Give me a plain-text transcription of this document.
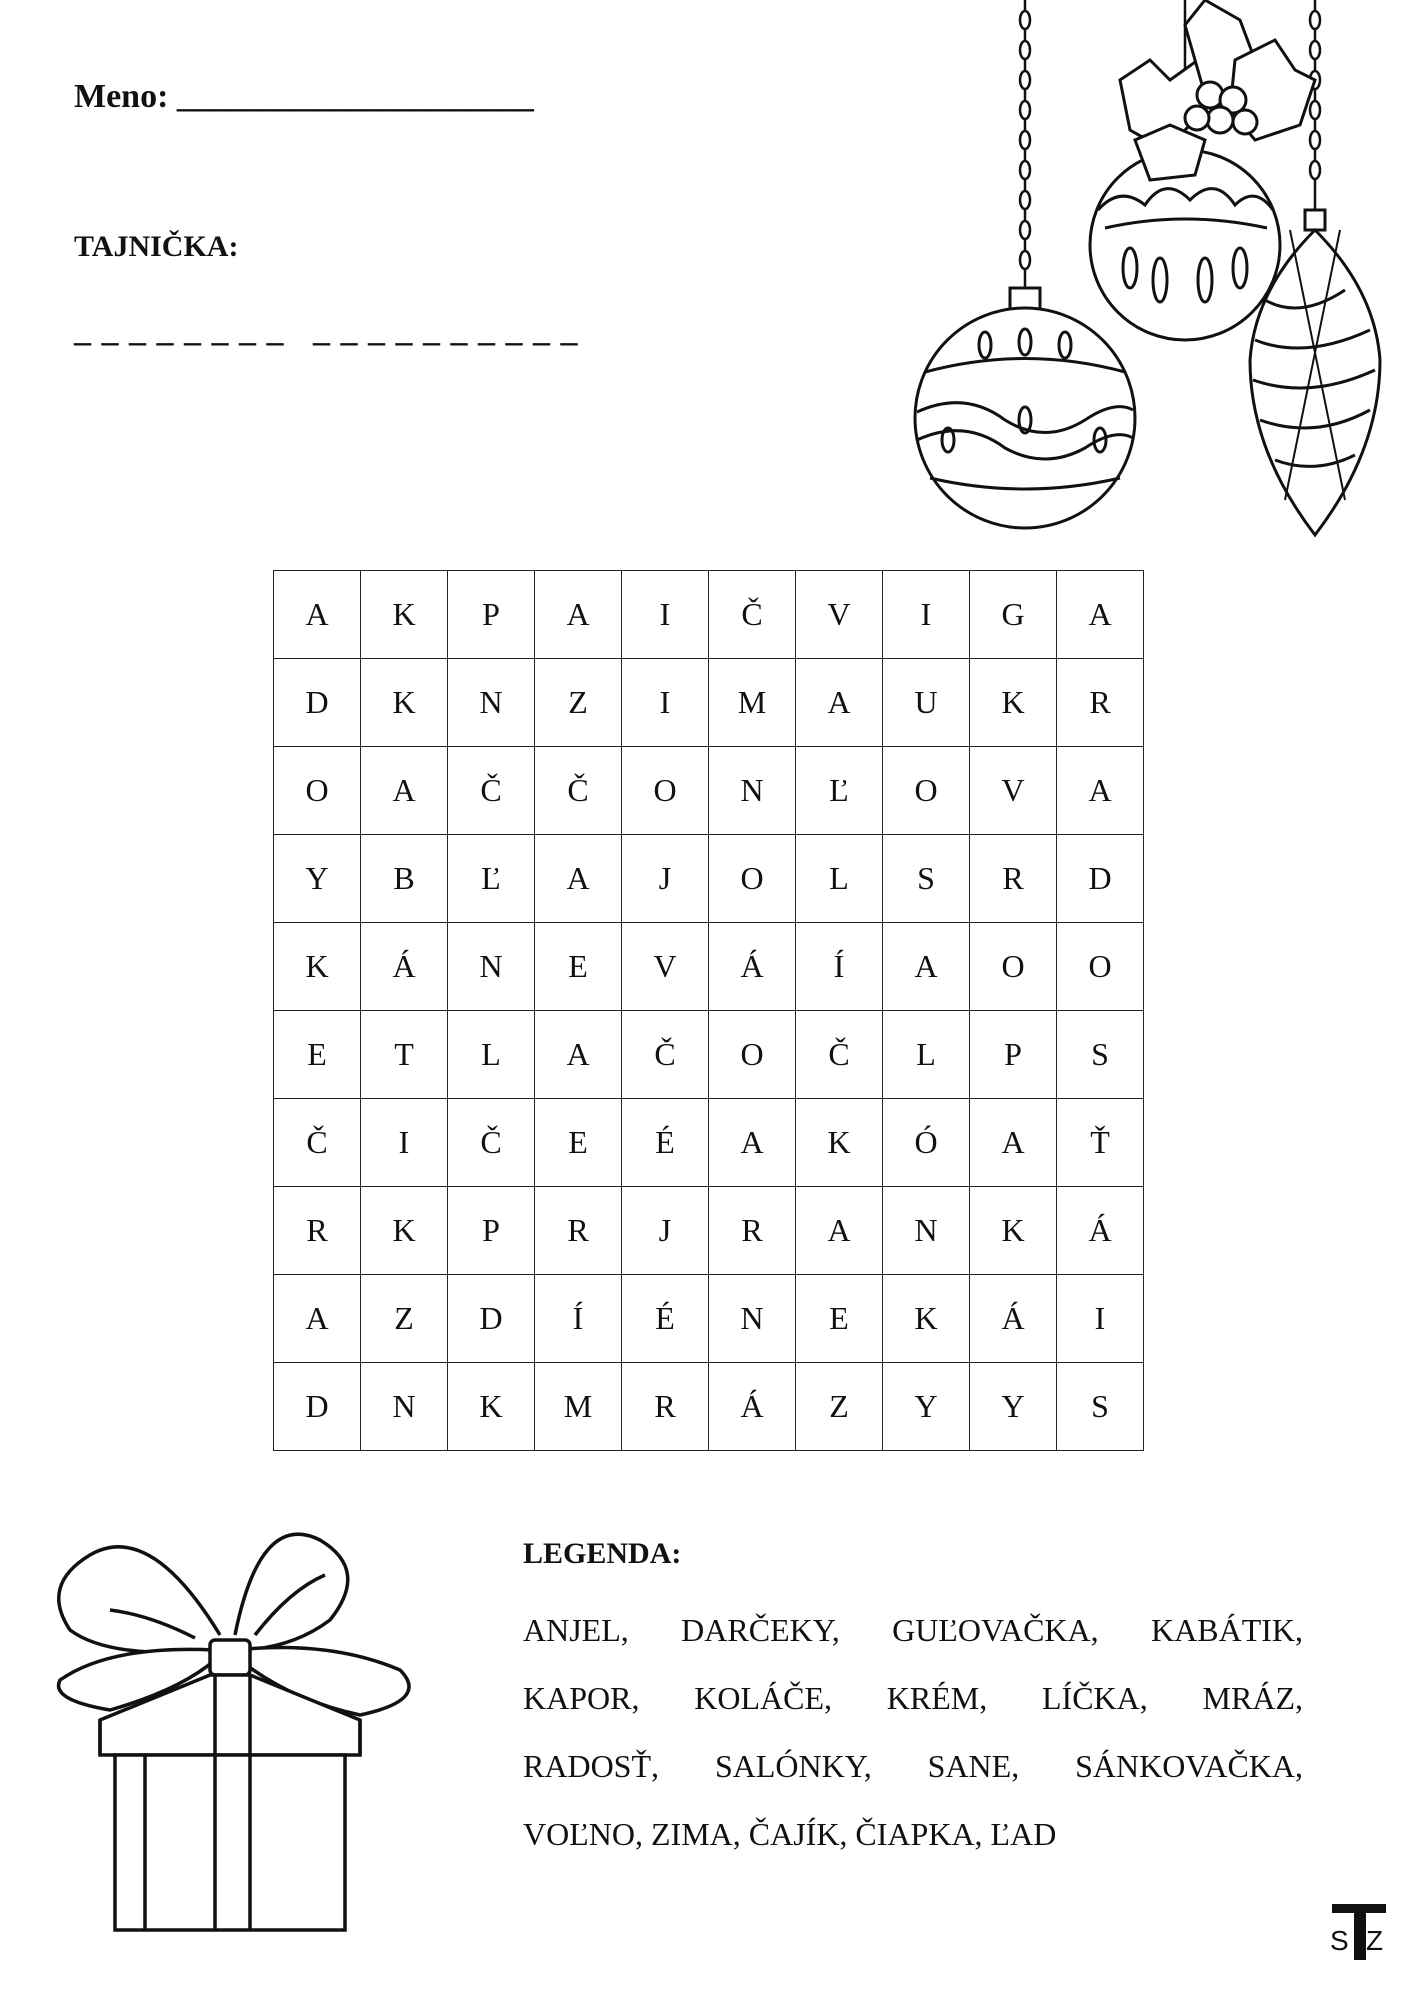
Meno: _____________________
TAJNIČKA:
_ _ _ _ _ _ _ _   _ _ _ _ _ _ _ _ _ _
A	K	P	A	I	Č	V	I	G	A
D	K	N	Z	I	M	A	U	K	R
O	A	Č	Č	O	N	Ľ	O	V	A
Y	B	Ľ	A	J	O	L	S	R	D
K	Á	N	E	V	Á	Í	A	O	O
E	T	L	A	Č	O	Č	L	P	S
Č	I	Č	E	É	A	K	Ó	A	Ť
R	K	P	R	J	R	A	N	K	Á
A	Z	D	Í	É	N	E	K	Á	I
D	N	K	M	R	Á	Z	Y	Y	S
LEGENDA:
ANJEL, DARČEKY, GUĽOVAČKA, KABÁTIK,
KAPOR, KOLÁČE, KRÉM, LÍČKA, MRÁZ,
RADOSŤ, SALÓNKY, SANE, SÁNKOVAČKA,
VOĽNO, ZIMA, ČAJÍK, ČIAPKA, ĽAD
S Z
